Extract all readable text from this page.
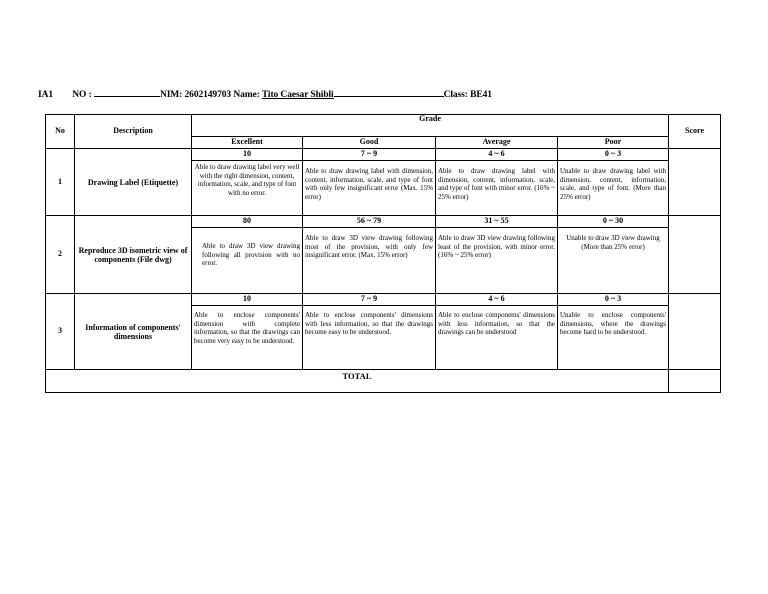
IA1 NO :	NIM: 2602149703 Name: Tito Caesar Shibli	Class: BE41
No	Description	Grade				Score
		Excellent	Good	Average	Poor	
1	Drawing Label (Etiquette)	10	7 ~ 9	4 ~ 6	0 ~ 3	
		Able to draw drawing label very well with the right dimension, content, information, scale, and type of font with no error.	Able to draw drawing label with dimension, content, information, scale, and type of font with only few insignificant error (Max. 15% error)	Able to draw drawing label with dimension, content, information, scale, and type of font with minor error. (16% ~ 25% error)	Unable to draw drawing label with dimension, content, information, scale, and type of font. (More than 25% error)	
2	Reproduce 3D isometric view of components (File dwg)	80	56 ~ 79	31 ~ 55	0 ~ 30	
		Able to draw 3D view drawing following all provision with no error.	Able to draw 3D view drawing following most of the provision, with only few insignificant error. (Max. 15% error)	Able to draw 3D view drawing following least of the provision, with minor error. (16% ~ 25% error)	Unable to draw 3D view drawing (More than 25% error)	
3	Information of components' dimensions	10	7 ~ 9	4 ~ 6	0 ~ 3	
		Able to enclose components' dimension with complete information, so that the drawings can become very easy to be understood.	Able to enclose components' dimensions with less information, so that the drawings become easy to be understood.	Able to enclose components' dimensions with less information, so that the drawings can be understood	Unable to enclose components' dimensions, where the drawings become hard to be understood.	
TOTAL						
